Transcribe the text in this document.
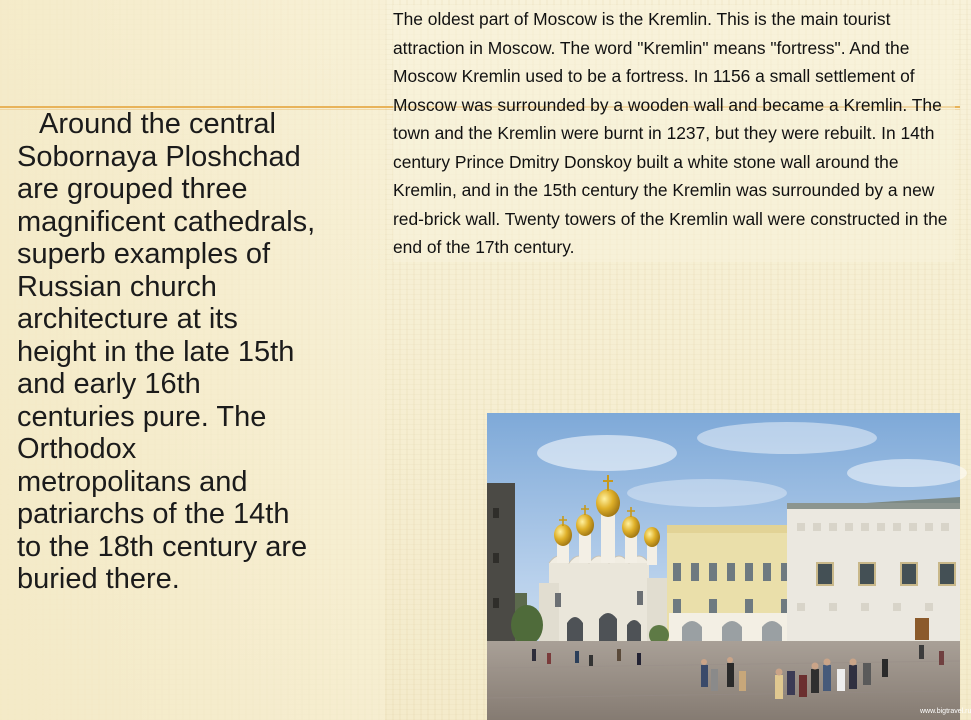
Around the central Sobornaya Ploshchad are grouped three magnificent cathedrals, superb examples of Russian church architecture at its height in the late 15th and early 16th centuries pure. The Orthodox metropolitans and patriarchs of the 14th to the 18th century are buried there.

The oldest part of Moscow is the Kremlin. This is the main tourist attraction in Moscow. The word "Kremlin" means "fortress". And the Moscow Kremlin used to be a fortress. In 1156 a small settlement of Moscow was surrounded by a wooden wall and became a Kremlin. The town and the Kremlin were burnt in 1237, but they were rebuilt. In 14th century Prince Dmitry Donskoy built a white stone wall around the Kremlin, and in the 15th century the Kremlin was surrounded by a new red-brick wall. Twenty towers of the Kremlin wall were constructed in the end of the 17th century.

www.bigtravel.ru
